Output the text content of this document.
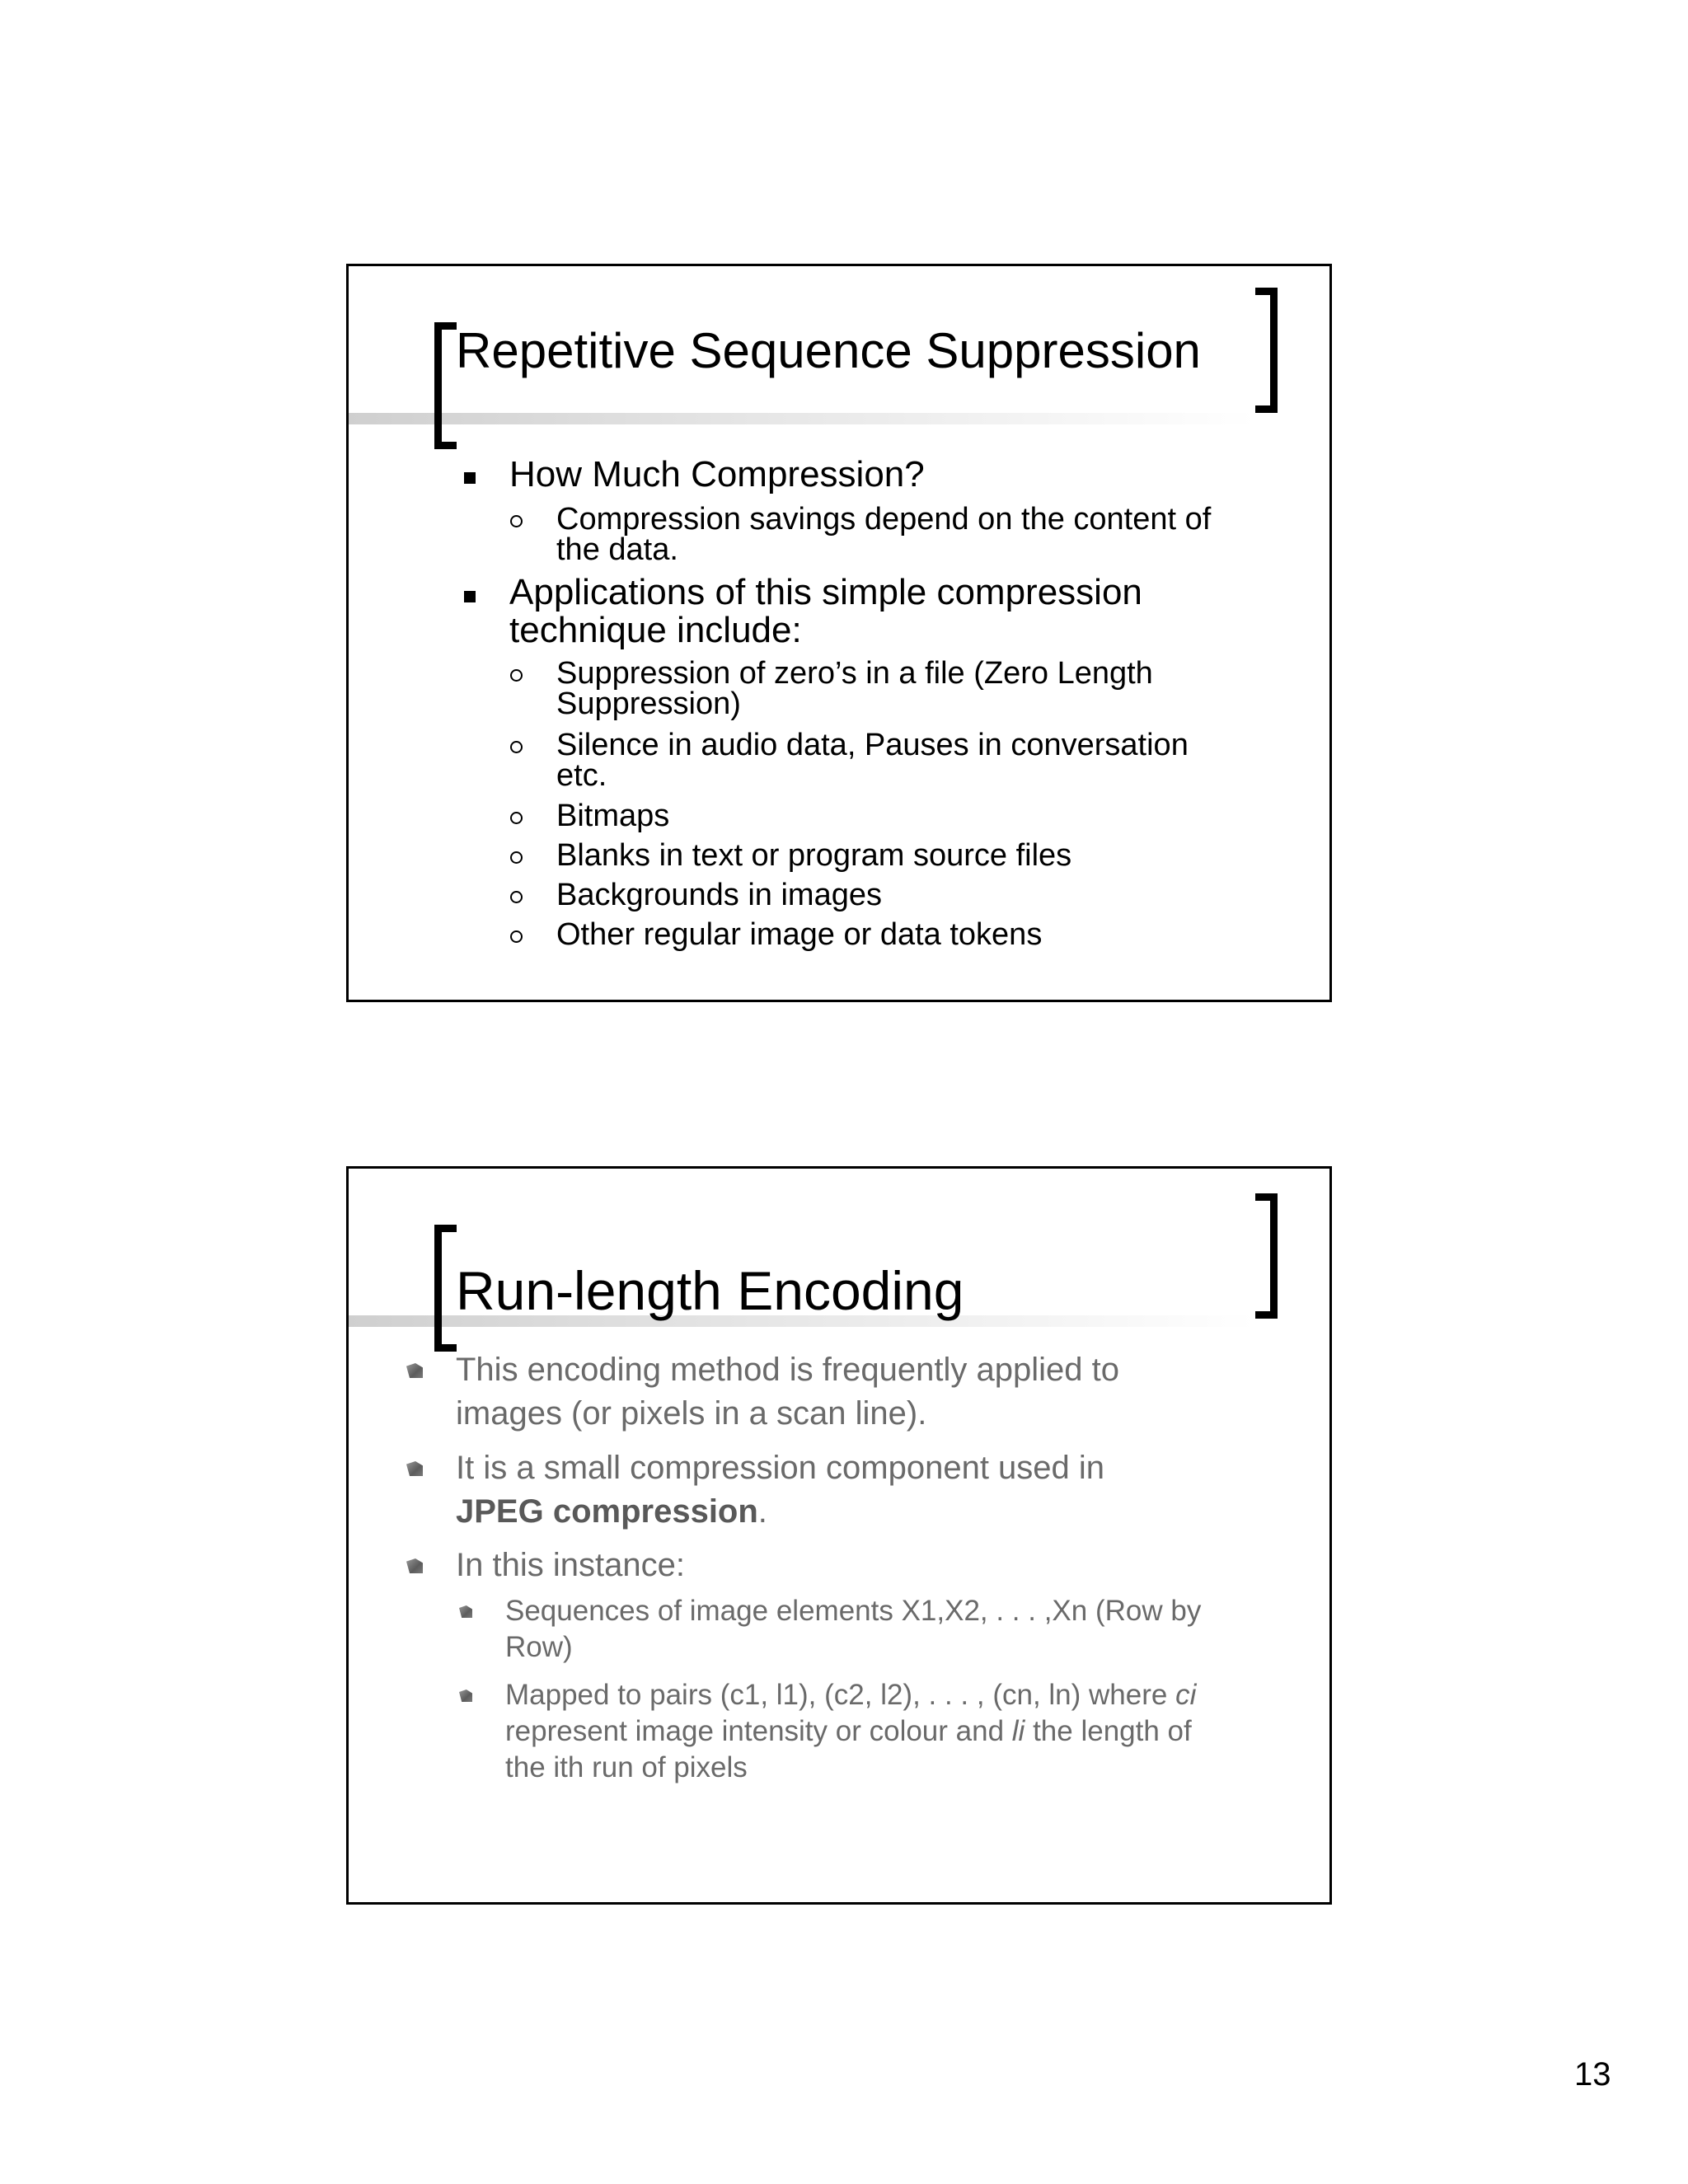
Repetitive Sequence Suppression
How Much Compression?
Compression savings depend on the content of
the data.
Applications of this simple compression
technique include:
Suppression of zero’s in a file (Zero Length
Suppression)
Silence in audio data, Pauses in conversation
etc.
Bitmaps
Blanks in text or program source files
Backgrounds in images
Other regular image or data tokens
Run-length Encoding
This encoding method is frequently applied to
images (or pixels in a scan line).
It is a small compression component used in
JPEG compression.
In this instance:
Sequences of image elements X1,X2, . . . ,Xn (Row by
Row)
Mapped to pairs (c1, l1), (c2, l2), . . . , (cn, ln) where ci
represent image intensity or colour and li the length of
the ith run of pixels
13
